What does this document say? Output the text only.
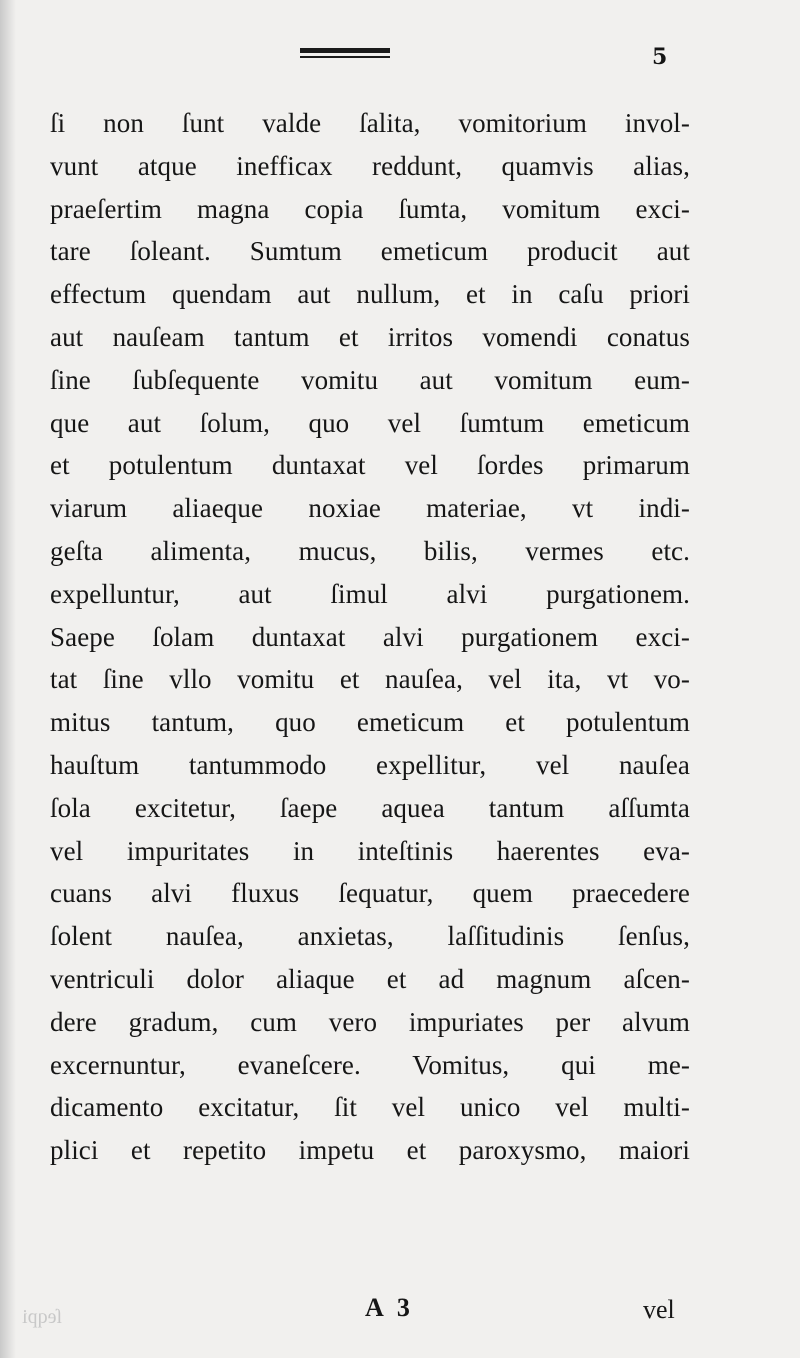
5
ſi non ſunt valde ſalita, vomitorium invol-
vunt atque inefficax reddunt, quamvis alias,
praeſertim magna copia ſumta, vomitum exci-
tare ſoleant. Sumtum emeticum producit aut
effectum quendam aut nullum, et in caſu priori
aut nauſeam tantum et irritos vomendi conatus
ſine ſubſequente vomitu aut vomitum eum-
que aut ſolum, quo vel ſumtum emeticum
et potulentum duntaxat vel ſordes primarum
viarum aliaeque noxiae materiae, vt indi-
geſta alimenta, mucus, bilis, vermes etc.
expelluntur, aut ſimul alvi purgationem.
Saepe ſolam duntaxat alvi purgationem exci-
tat ſine vllo vomitu et nauſea, vel ita, vt vo-
mitus tantum, quo emeticum et potulentum
hauſtum tantummodo expellitur, vel nauſea
ſola excitetur, ſaepe aquea tantum aſſumta
vel impuritates in inteſtinis haerentes eva-
cuans alvi fluxus ſequatur, quem praecedere
ſolent nauſea, anxietas, laſſitudinis ſenſus,
ventriculi dolor aliaque et ad magnum aſcen-
dere gradum, cum vero impuriates per alvum
excernuntur, evaneſcere. Vomitus, qui me-
dicamento excitatur, ſit vel unico vel multi-
plici et repetito impetu et paroxysmo, maiori
ſeqpi	A 3	vel
